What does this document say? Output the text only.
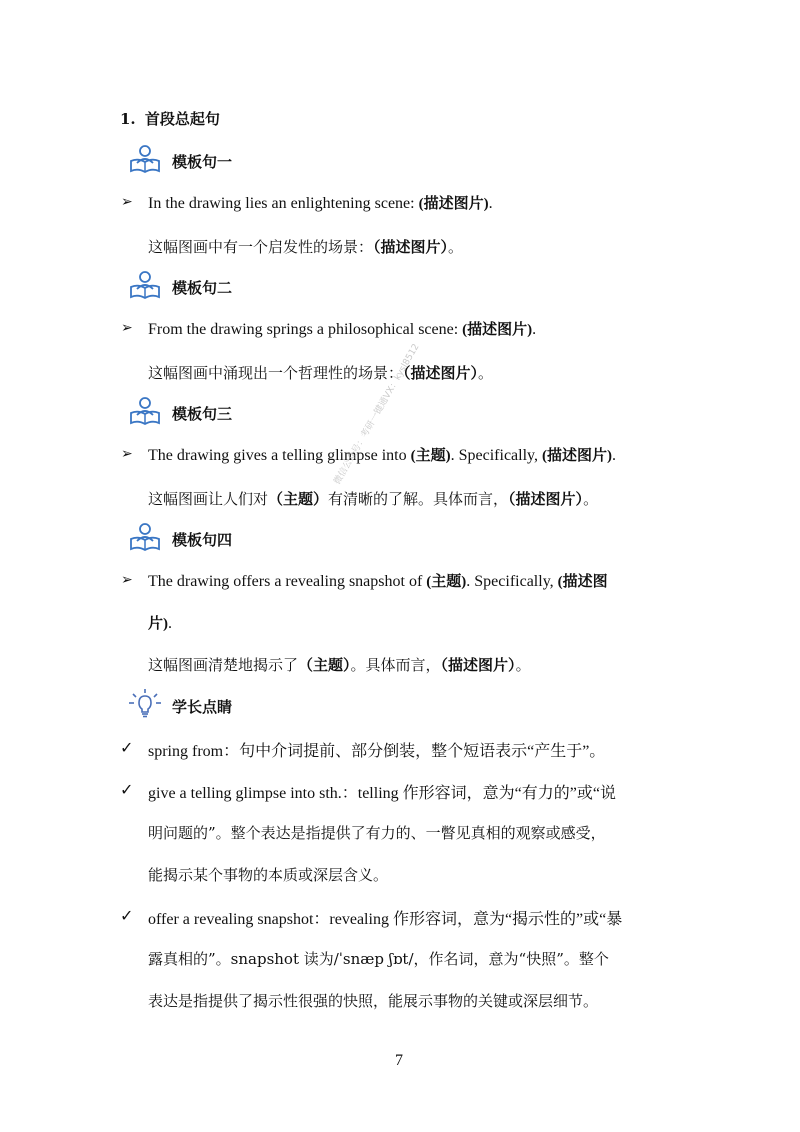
1. 首段总起句
模板句一
➢ In the drawing lies an enlightening scene: (描述图片).
这幅图画中有一个启发性的场景：（描述图片）。
模板句二
➢ From the drawing springs a philosophical scene: (描述图片).
这幅图画中涌现出一个哲理性的场景：（描述图片）。
模板句三
➢ The drawing gives a telling glimpse into (主题). Specifically, (描述图片).
这幅图画让人们对（主题）有清晰的了解。具体而言，（描述图片）。
模板句四
➢ The drawing offers a revealing snapshot of (主题). Specifically, (描述图
片).
这幅图画清楚地揭示了（主题）。具体而言，（描述图片）。
学长点睛
✓ spring from：句中介词提前、部分倒装，整个短语表示“产生于”。
✓ give a telling glimpse into sth.：telling 作形容词，意为“有力的”或“说
明问题的”。整个表达是指提供了有力的、一瞥见真相的观察或感受，
能揭示某个事物的本质或深层含义。
✓ offer a revealing snapshot：revealing 作形容词，意为“揭示性的”或“暴
露真相的”。snapshot 读为/ˈsnæp ʃɒt/，作名词，意为“快照”。整个
表达是指提供了揭示性很强的快照，能展示事物的关键或深层细节。
微信公众号：考研一键通VX：kysl8512
7
